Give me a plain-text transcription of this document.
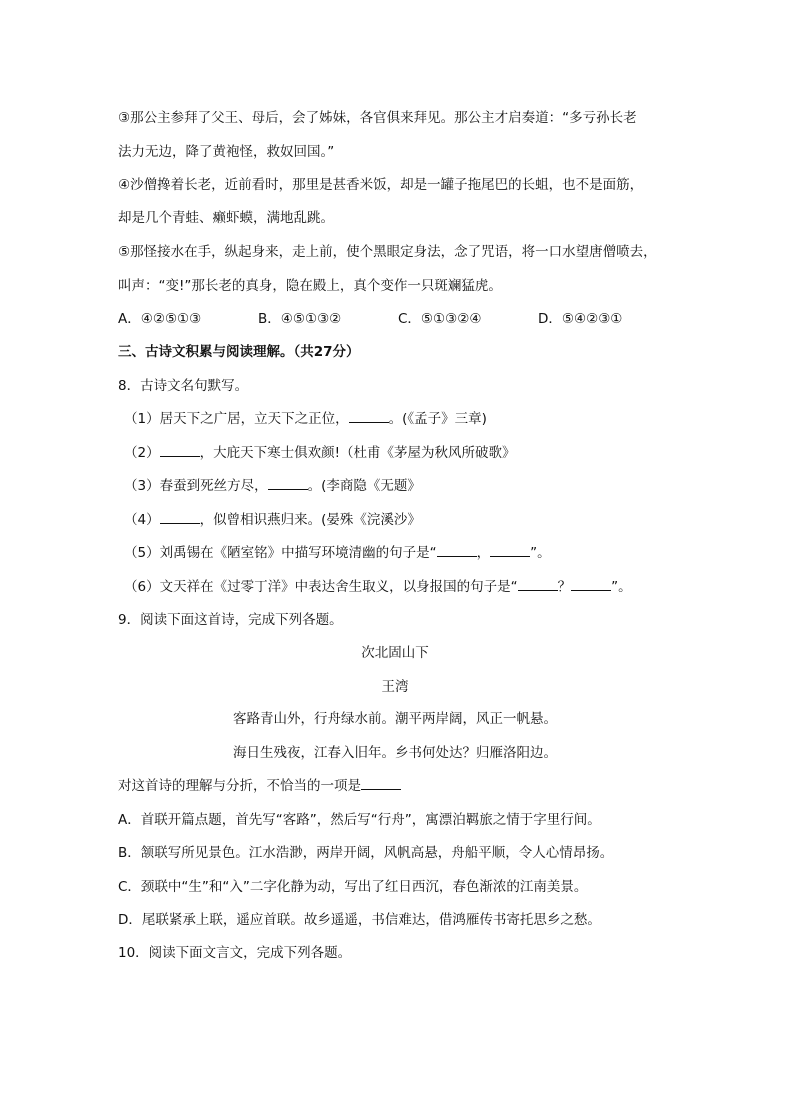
③那公主参拜了父王、母后，会了姊妹，各官俱来拜见。那公主才启奏道：“多亏孙长老
法力无边，降了黄袍怪，救奴回国。”
④沙僧搀着长老，近前看时，那里是甚香米饭，却是一罐子拖尾巴的长蛆，也不是面筋，
却是几个青蛙、癞虾蟆，满地乱跳。
⑤那怪接水在手，纵起身来，走上前，使个黑眼定身法，念了咒语，将一口水望唐僧喷去，
叫声：“变!”那长老的真身，隐在殿上，真个变作一只斑斓猛虎。
A．④②⑤①③	B．④⑤①③②	C．⑤①③②④	D．⑤④②③①
三、古诗文积累与阅读理解。（共27分）
8．古诗文名句默写。
（1）居天下之广居，立天下之正位，	。(《孟子》三章)
（2）	，大庇天下寒士俱欢颜!（杜甫《茅屋为秋风所破歌》
（3）春蚕到死丝方尽，	。(李商隐《无题》
（4）	，似曾相识燕归来。(晏殊《浣溪沙》
（5）刘禹锡在《陋室铭》中描写环境清幽的句子是“	，	”。
（6）文天祥在《过零丁洋》中表达舍生取义，以身报国的句子是“	？	”。
9．阅读下面这首诗，完成下列各题。
次北固山下
王湾
客路青山外，行舟绿水前。潮平两岸阔，风正一帆悬。
海日生残夜，江春入旧年。乡书何处达？归雁洛阳边。
对这首诗的理解与分折，不恰当的一项是
A．首联开篇点题，首先写“客路”，然后写“行舟”，寓漂泊羁旅之情于字里行间。
B．颔联写所见景色。江水浩渺，两岸开阔，风帆高悬，舟船平顺，令人心情昂扬。
C．颈联中“生”和“入”二字化静为动，写出了红日西沉，春色渐浓的江南美景。
D．尾联紧承上联，遥应首联。故乡遥遥，书信难达，借鸿雁传书寄托思乡之愁。
10．阅读下面文言文，完成下列各题。
